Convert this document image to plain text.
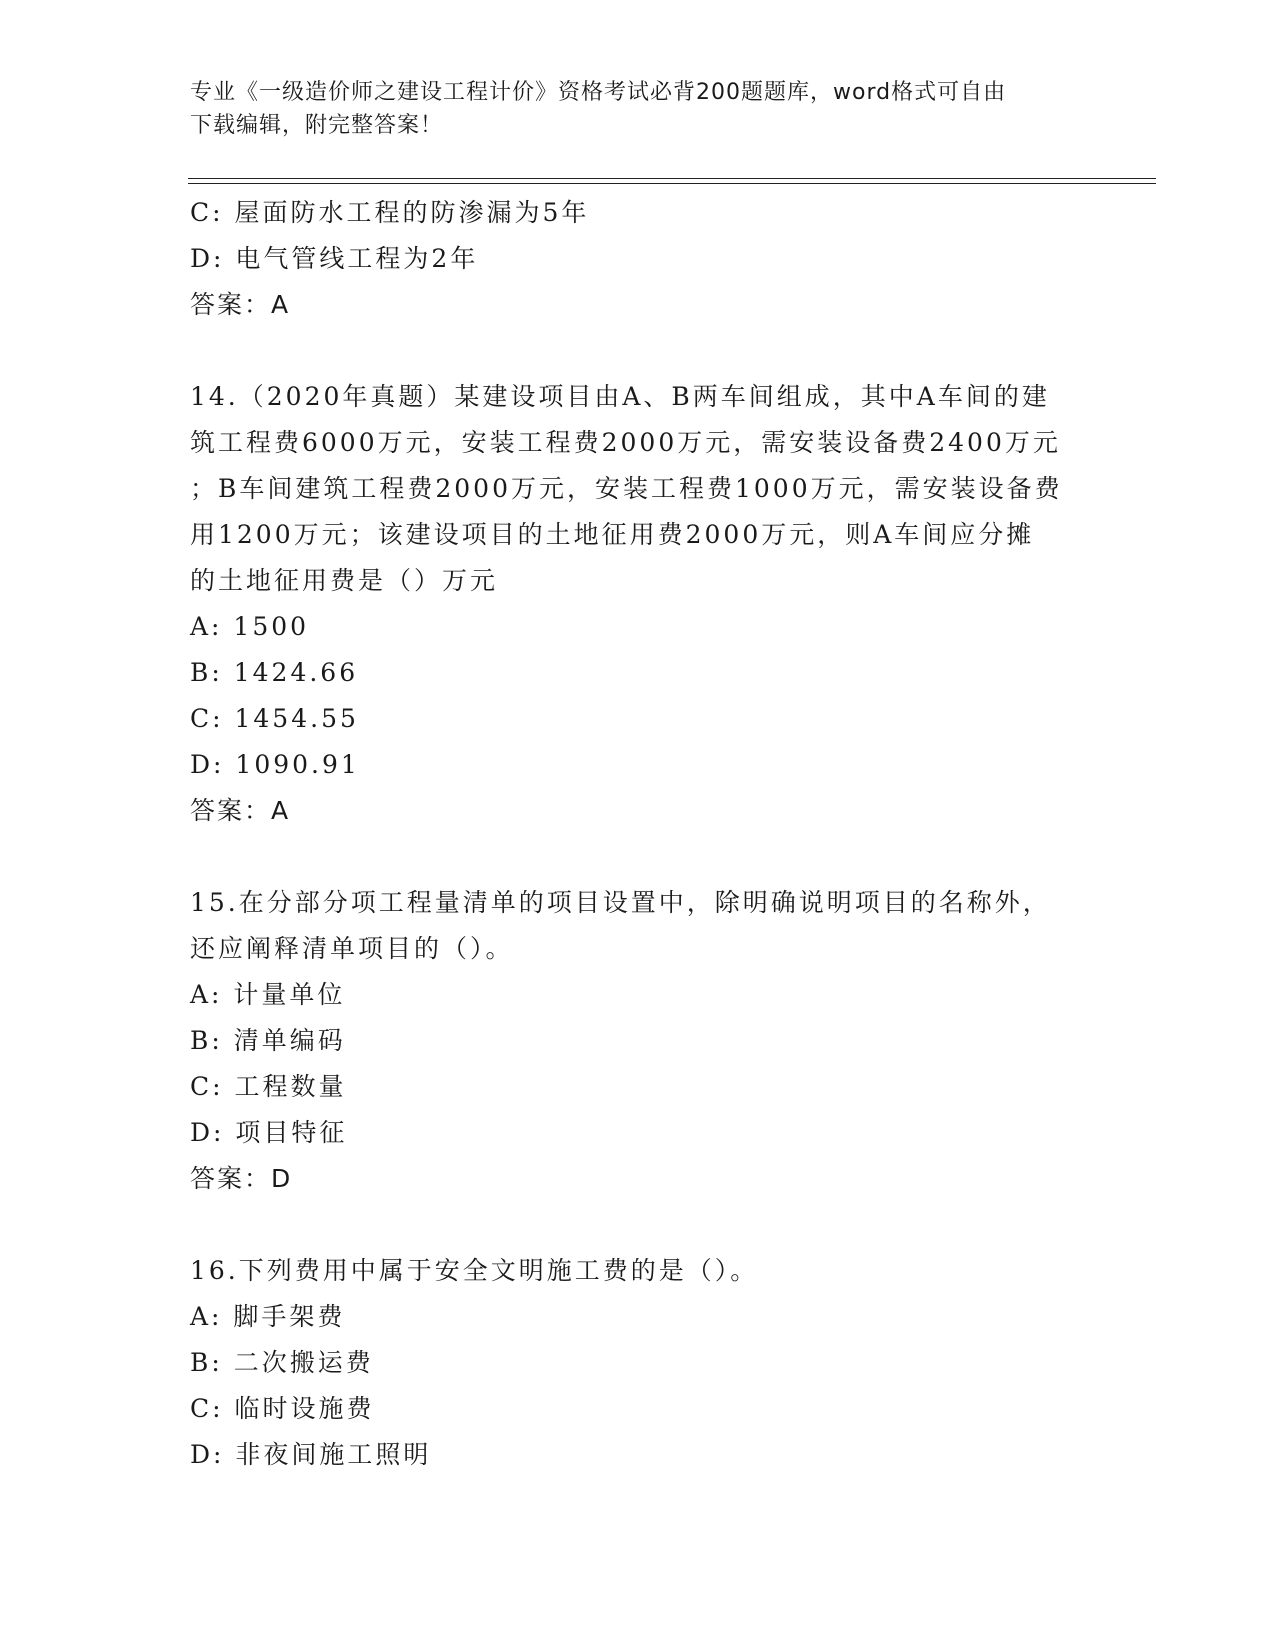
专业《一级造价师之建设工程计价》资格考试必背200题题库，word格式可自由
下载编辑，附完整答案！
C: 屋面防水工程的防渗漏为5年
D: 电气管线工程为2年
答案：A
14.（2020年真题）某建设项目由A、B两车间组成，其中A车间的建
筑工程费6000万元，安装工程费2000万元，需安装设备费2400万元
；B车间建筑工程费2000万元，安装工程费1000万元，需安装设备费
用1200万元；该建设项目的土地征用费2000万元，则A车间应分摊
的土地征用费是（）万元
A: 1500
B: 1424.66
C: 1454.55
D: 1090.91
答案：A
15.在分部分项工程量清单的项目设置中，除明确说明项目的名称外，
还应阐释清单项目的（）。
A: 计量单位
B: 清单编码
C: 工程数量
D: 项目特征
答案：D
16.下列费用中属于安全文明施工费的是（）。
A: 脚手架费
B: 二次搬运费
C: 临时设施费
D: 非夜间施工照明
